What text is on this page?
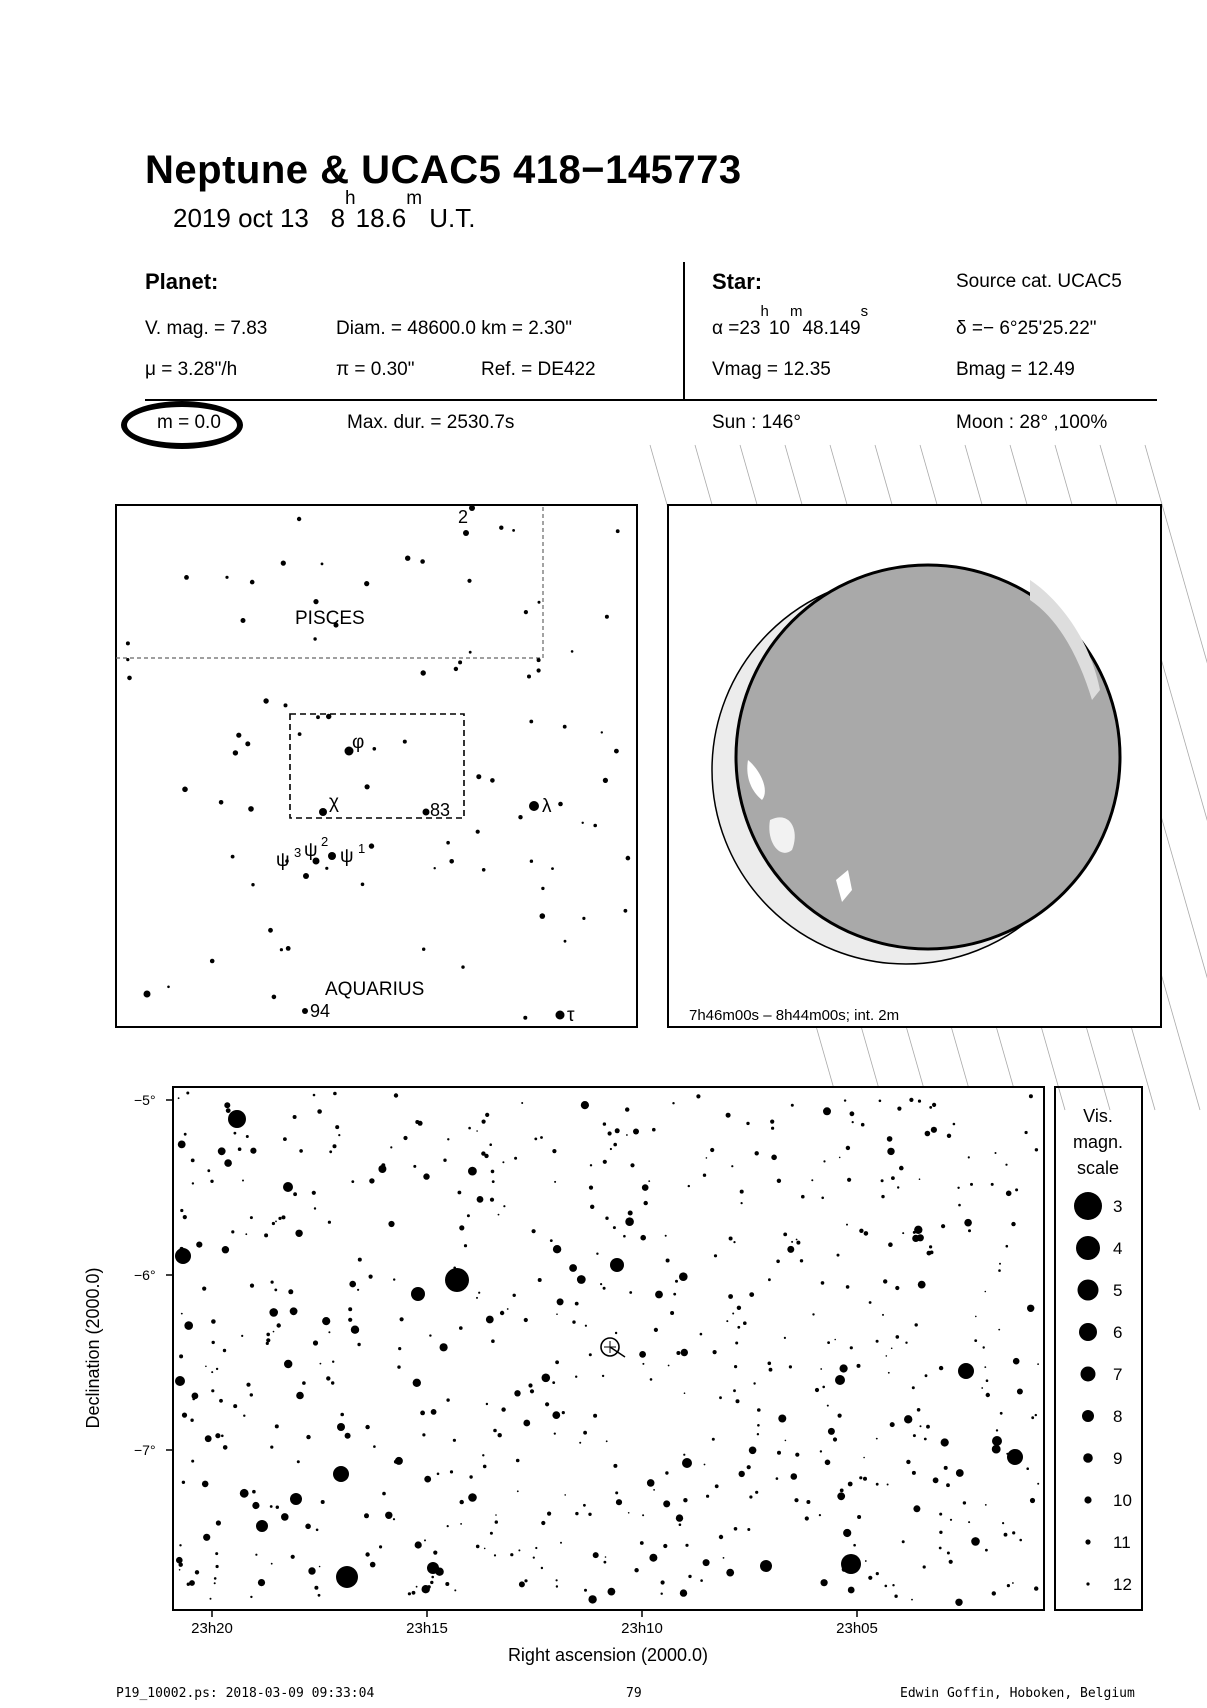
Neptune & UCAC5 418−145773
2019 oct 13 8$^h$18.6$^m$ U.T.
Planet:
V. mag. = 7.83	Diam. = 48600.0 km = 2.30"
μ = 3.28"/h	π = 0.30"	Ref. = DE422
Star:	Source cat. UCAC5
$\alpha =23^h10^m48.149^s$
δ =− 6°25'25.22"
Vmag = 12.35	Bmag = 12.49
m = 0.0	Max. dur. = 2530.7s	Sun : 146°	Moon : 28° ,100%
PISCES
AQUARIUS
2
φ
χ	83	λ
ψ 3 ψ 2
ψ 1
94	τ	7h46m00s – 8h44m00s; int. 2m
−5°
−6°
−7°
23h20	23h15	23h10	23h05
Right ascension (2000.0)
Declination (2000.0)
Vis.
magn.
scale
3
4
5
6
7
8
9
10
11
12
P19_10002.ps: 2018-03-09 09:33:04	79	Edwin Goffin, Hoboken, Belgium
